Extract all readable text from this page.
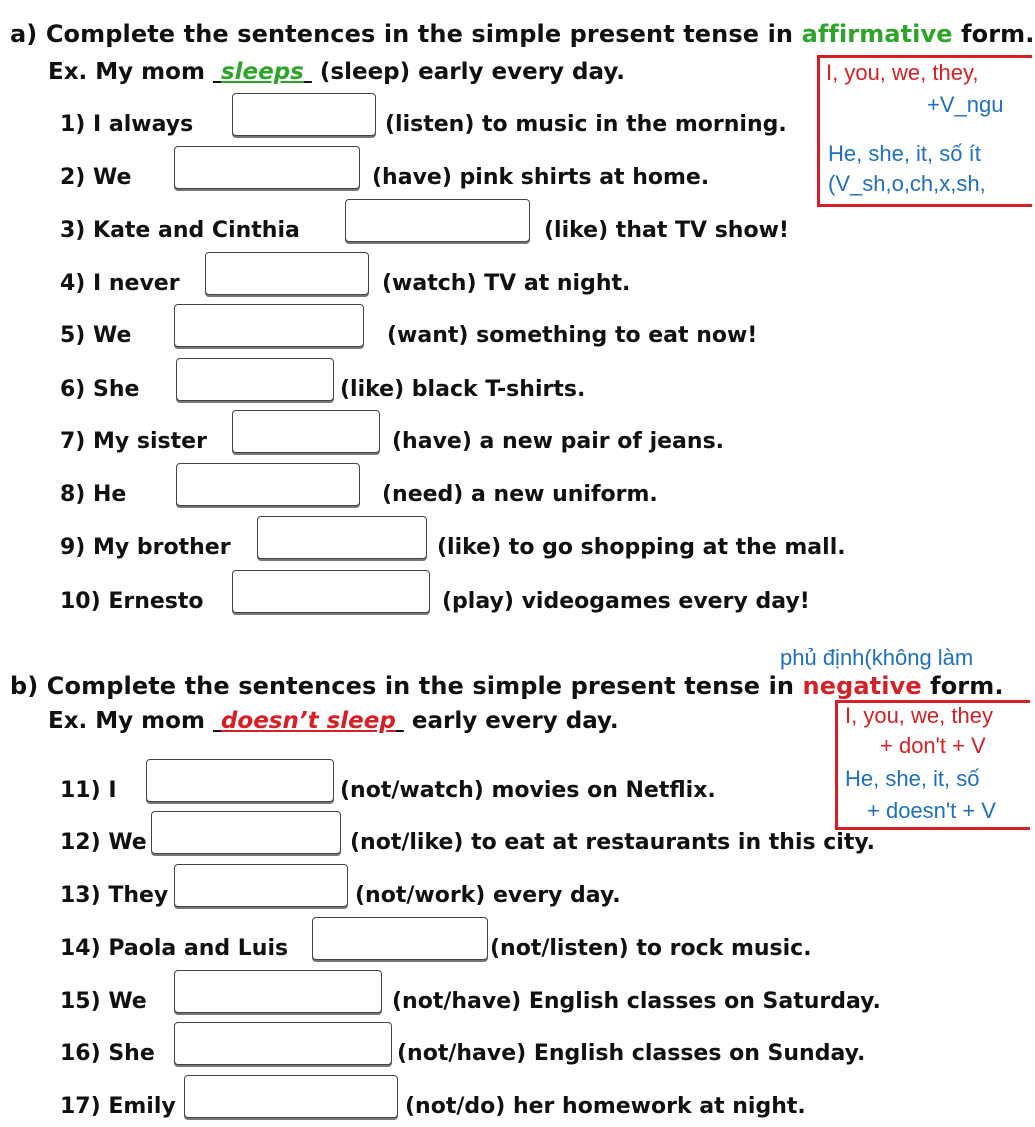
a) Complete the sentences in the simple present tense in affirmative form.
Ex. My mom  sleeps  (sleep) early every day.	I, you, we, they,
+V_ngu
He, she, it, số ít
(V_sh,o,ch,x,sh,
1) I always	(listen) to music in the morning.
2) We	(have) pink shirts at home.
3) Kate and Cinthia	(like) that TV show!
4) I never	(watch) TV at night.
5) We	(want) something to eat now!
6) She	(like) black T-shirts.
7) My sister	(have) a new pair of jeans.
8) He	(need) a new uniform.
9) My brother	(like) to go shopping at the mall.
10) Ernesto	(play) videogames every day!
phủ định(không làm
b) Complete the sentences in the simple present tense in negative form.
Ex. My mom  doesn’t sleep  early every day.	I, you, we, they
+ don't + V
He, she, it, số
+ doesn't + V
11) I	(not/watch) movies on Netflix.
12) We	(not/like) to eat at restaurants in this city.
13) They	(not/work) every day.
14) Paola and Luis	(not/listen) to rock music.
15) We	(not/have) English classes on Saturday.
16) She	(not/have) English classes on Sunday.
17) Emily	(not/do) her homework at night.
